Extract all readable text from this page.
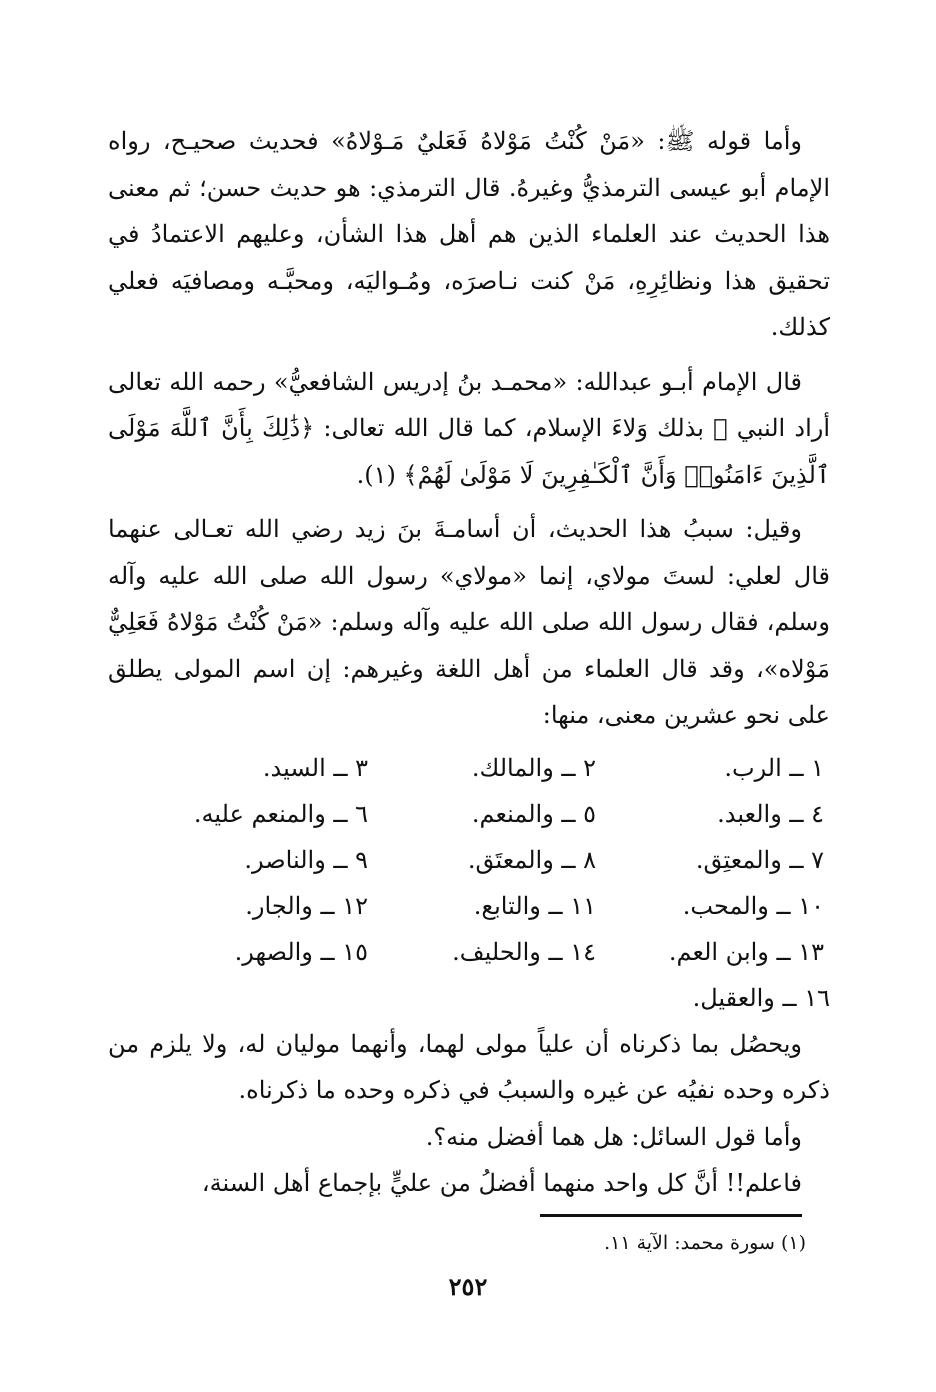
وأما قوله ﷺ: «مَنْ كُنْتُ مَوْلاهُ فَعَليٌ مَـوْلاهُ» فحديث صحيـح، رواه الإمام أبو عيسى الترمذيُّ وغيرهُ. قال الترمذي: هو حديث حسن؛ ثم معنى هذا الحديث عند العلماء الذين هم أهل هذا الشأن، وعليهم الاعتمادُ في تحقيق هذا ونظائِرِهِ، مَنْ كنت نـاصرَه، ومُـواليَه، ومحبَّـه ومصافيَه فعلي كذلك.

قال الإمام أبـو عبدالله: «محمـد بنُ إدريس الشافعيُّ» رحمه الله تعالى أراد النبي ﷺ بذلك وَلاءَ الإسلام، كما قال الله تعالى: ﴿ذَٰلِكَ بِأَنَّ ٱللَّهَ مَوْلَى ٱلَّذِينَ ءَامَنُوا۟ وَأَنَّ ٱلْكَـٰفِرِينَ لَا مَوْلَىٰ لَهُمْ﴾ (١).

وقيل: سببُ هذا الحديث، أن أسامـةَ بنَ زيد رضي الله تعـالى عنهما قال لعلي: لستَ مولاي، إنما «مولاي» رسول الله صلى الله عليه وآله وسلم، فقال رسول الله صلى الله عليه وآله وسلم: «مَنْ كُنْتُ مَوْلاهُ فَعَلِيٌّ مَوْلاه»، وقد قال العلماء من أهل اللغة وغيرهم: إن اسم المولى يطلق على نحو عشرين معنى، منها:

١ ــ الرب.
٢ ــ والمالك.
٣ ــ السيد.
٤ ــ والعبد.
٥ ــ والمنعم.
٦ ــ والمنعم عليه.
٧ ــ والمعتِق.
٨ ــ والمعتَق.
٩ ــ والناصر.
١٠ ــ والمحب.
١١ ــ والتابع.
١٢ ــ والجار.
١٣ ــ وابن العم.
١٤ ــ والحليف.
١٥ ــ والصهر.
١٦ ــ والعقيل.

ويحصُل بما ذكرناه أن علياً مولى لهما، وأنهما موليان له، ولا يلزم من ذكره وحده نفيُه عن غيره والسببُ في ذكره وحده ما ذكرناه.

وأما قول السائل: هل هما أفضل منه؟.

فاعلم!! أنَّ كل واحد منهما أفضلُ من عليٍّ بإجماع أهل السنة،

(١) سورة محمد: الآية ١١.
٢٥٢
